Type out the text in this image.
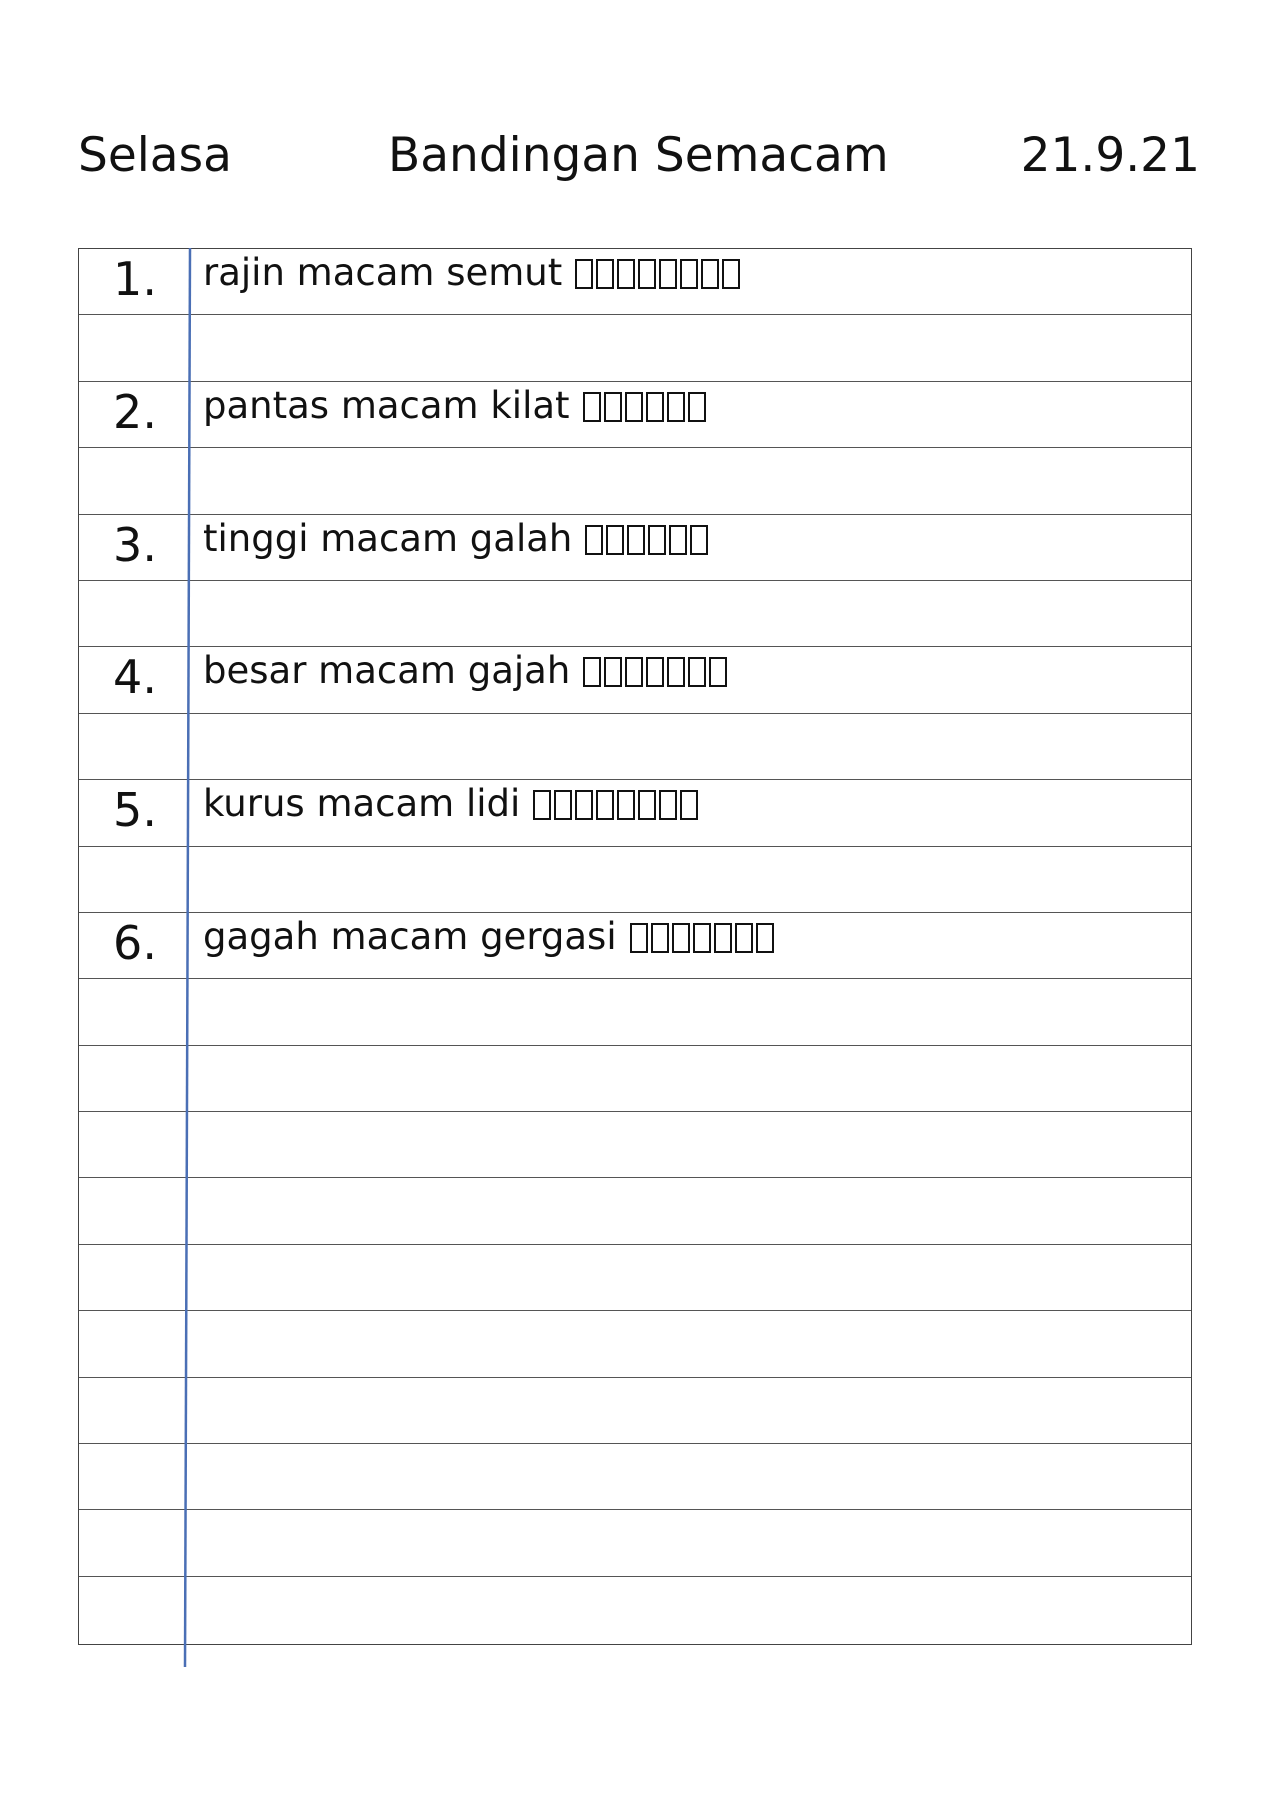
Selasa	Bandingan Semacam	21.9.21
1.	rajin macam semut
2.	pantas macam kilat
3.	tinggi macam galah
4.	besar macam gajah
5.	kurus macam lidi
6.	gagah macam gergasi
